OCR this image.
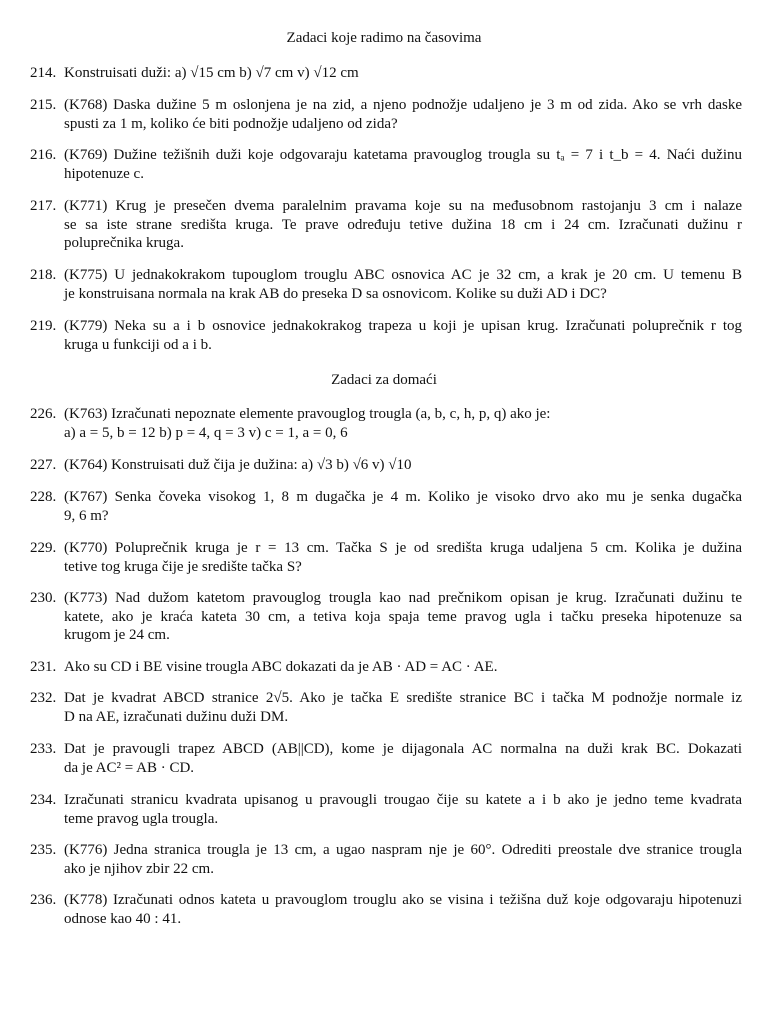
Zadaci koje radimo na časovima
214. Konstruisati duži: a) √15 cm b) √7 cm v) √12 cm
215. (K768) Daska dužine 5 m oslonjena je na zid, a njeno podnožje udaljeno je 3 m od zida. Ako se vrh daske
spusti za 1 m, koliko će biti podnožje udaljeno od zida?
216. (K769) Dužine težišnih duži koje odgovaraju katetama pravouglog trougla su tₐ = 7 i t_b = 4. Naći dužinu
hipotenuze c.
217. (K771) Krug je presečen dvema paralelnim pravama koje su na međusobnom rastojanju 3 cm i nalaze
se sa iste strane središta kruga. Te prave određuju tetive dužina 18 cm i 24 cm. Izračunati dužinu r
poluprečnika kruga.
218. (K775) U jednakokrakom tupouglom trouglu ABC osnovica AC je 32 cm, a krak je 20 cm. U temenu B
je konstruisana normala na krak AB do preseka D sa osnovicom. Kolike su duži AD i DC?
219. (K779) Neka su a i b osnovice jednakokrakog trapeza u koji je upisan krug. Izračunati poluprečnik r tog
kruga u funkciji od a i b.
Zadaci za domaći
226. (K763) Izračunati nepoznate elemente pravouglog trougla (a, b, c, h, p, q) ako je:
a) a = 5, b = 12 b) p = 4, q = 3 v) c = 1, a = 0, 6
227. (K764) Konstruisati duž čija je dužina: a) √3 b) √6 v) √10
228. (K767) Senka čoveka visokog 1, 8 m dugačka je 4 m. Koliko je visoko drvo ako mu je senka dugačka
9, 6 m?
229. (K770) Poluprečnik kruga je r = 13 cm. Tačka S je od središta kruga udaljena 5 cm. Kolika je dužina
tetive tog kruga čije je središte tačka S?
230. (K773) Nad dužom katetom pravouglog trougla kao nad prečnikom opisan je krug. Izračunati dužinu te
katete, ako je kraća kateta 30 cm, a tetiva koja spaja teme pravog ugla i tačku preseka hipotenuze sa
krugom je 24 cm.
231. Ako su CD i BE visine trougla ABC dokazati da je AB · AD = AC · AE.
232. Dat je kvadrat ABCD stranice 2√5. Ako je tačka E središte stranice BC i tačka M podnožje normale iz
D na AE, izračunati dužinu duži DM.
233. Dat je pravougli trapez ABCD (AB||CD), kome je dijagonala AC normalna na duži krak BC. Dokazati
da je AC² = AB · CD.
234. Izračunati stranicu kvadrata upisanog u pravougli trougao čije su katete a i b ako je jedno teme kvadrata
teme pravog ugla trougla.
235. (K776) Jedna stranica trougla je 13 cm, a ugao naspram nje je 60°. Odrediti preostale dve stranice trougla
ako je njihov zbir 22 cm.
236. (K778) Izračunati odnos kateta u pravouglom trouglu ako se visina i težišna duž koje odgovaraju hipotenuzi
odnose kao 40 : 41.
